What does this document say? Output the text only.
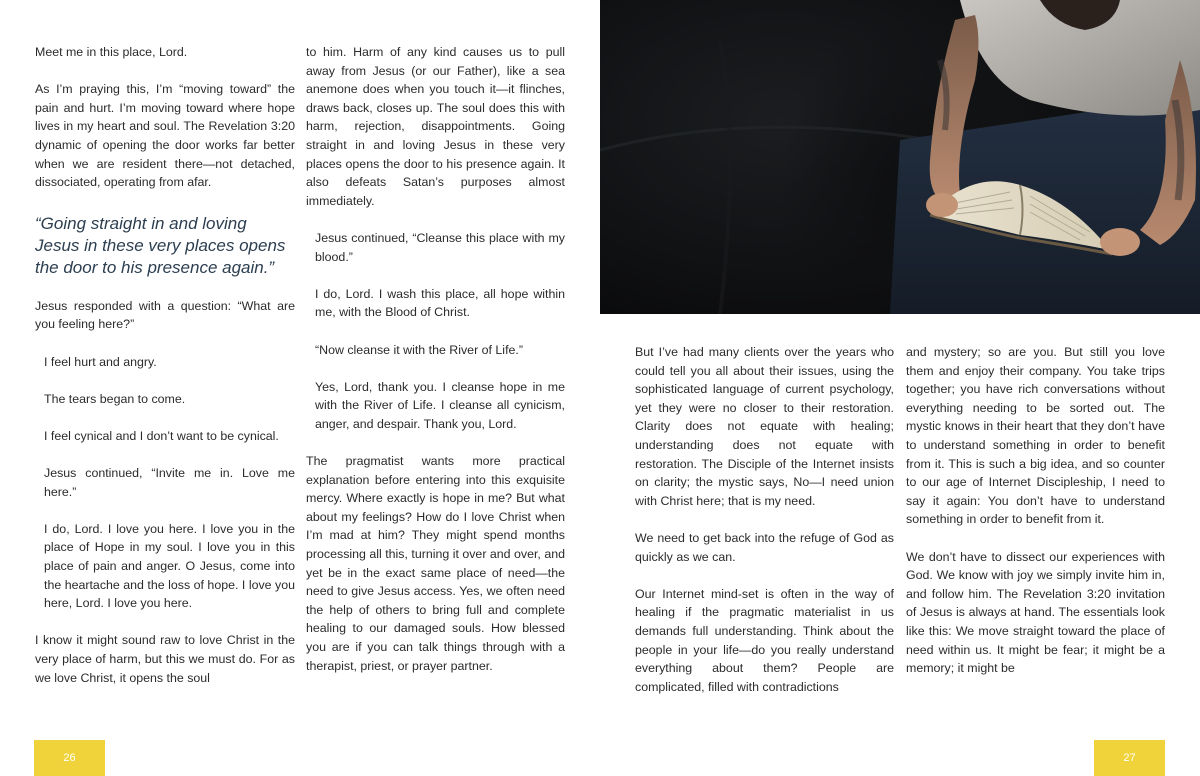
Meet me in this place, Lord.

As I’m praying this, I’m “moving toward” the pain and hurt. I’m moving toward where hope lives in my heart and soul. The Revelation 3:20 dynamic of opening the door works far better when we are resident there—not detached, dissociated, operating from afar.

“Going straight in and loving Jesus in these very places opens the door to his presence again.”

Jesus responded with a question: “What are you feeling here?”

I feel hurt and angry.

The tears began to come.

I feel cynical and I don’t want to be cynical.

Jesus continued, “Invite me in. Love me here.”

I do, Lord. I love you here. I love you in the place of Hope in my soul. I love you in this place of pain and anger. O Jesus, come into the heartache and the loss of hope. I love you here, Lord. I love you here.

I know it might sound raw to love Christ in the very place of harm, but this we must do. For as we love Christ, it opens the soul

to him. Harm of any kind causes us to pull away from Jesus (or our Father), like a sea anemone does when you touch it—it flinches, draws back, closes up. The soul does this with harm, rejection, disappointments. Going straight in and loving Jesus in these very places opens the door to his presence again. It also defeats Satan’s purposes almost immediately.

Jesus continued, “Cleanse this place with my blood.”

I do, Lord. I wash this place, all hope within me, with the Blood of Christ.

“Now cleanse it with the River of Life.”

Yes, Lord, thank you. I cleanse hope in me with the River of Life. I cleanse all cynicism, anger, and despair. Thank you, Lord.

The pragmatist wants more practical explanation before entering into this exquisite mercy. Where exactly is hope in me? But what about my feelings? How do I love Christ when I’m mad at him? They might spend months processing all this, turning it over and over, and yet be in the exact same place of need—the need to give Jesus access. Yes, we often need the help of others to bring full and complete healing to our damaged souls. How blessed you are if you can talk things through with a therapist, priest, or prayer partner.

26

But I’ve had many clients over the years who could tell you all about their issues, using the sophisticated language of current psychology, yet they were no closer to their restoration. Clarity does not equate with healing; understanding does not equate with restoration. The Disciple of the Internet insists on clarity; the mystic says, No—I need union with Christ here; that is my need.

We need to get back into the refuge of God as quickly as we can.

Our Internet mind-set is often in the way of healing if the pragmatic materialist in us demands full understanding. Think about the people in your life—do you really understand everything about them? People are complicated, filled with contradictions

and mystery; so are you. But still you love them and enjoy their company. You take trips together; you have rich conversations without everything needing to be sorted out. The mystic knows in their heart that they don’t have to understand something in order to benefit from it. This is such a big idea, and so counter to our age of Internet Discipleship, I need to say it again: You don’t have to understand something in order to benefit from it.

We don’t have to dissect our experiences with God. We know with joy we simply invite him in, and follow him. The Revelation 3:20 invitation of Jesus is always at hand. The essentials look like this: We move straight toward the place of need within us. It might be fear; it might be a memory; it might be

27
